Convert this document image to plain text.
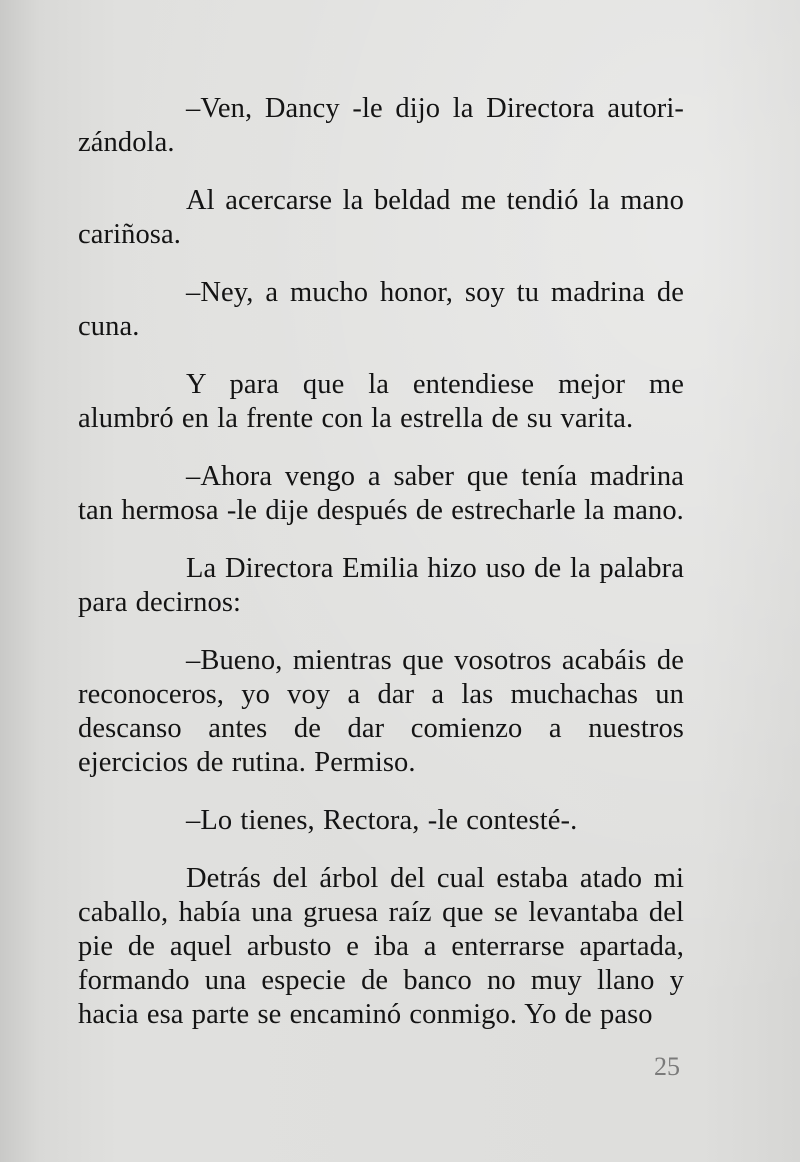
–Ven, Dancy -le dijo la Directora autori-zándola.

Al acercarse la beldad me tendió la mano cariñosa.

–Ney, a mucho honor, soy tu madrina de cuna.

Y para que la entendiese mejor me alumbró en la frente con la estrella de su varita.

–Ahora vengo a saber que tenía madrina tan hermosa -le dije después de estrecharle la mano.

La Directora Emilia hizo uso de la palabra para decirnos:

–Bueno, mientras que vosotros acabáis de reconoceros, yo voy a dar a las muchachas un descanso antes de dar comienzo a nuestros ejercicios de rutina. Permiso.

–Lo tienes, Rectora, -le contesté-.

Detrás del árbol del cual estaba atado mi caballo, había una gruesa raíz que se levantaba del pie de aquel arbusto e iba a enterrarse apartada, formando una especie de banco no muy llano y hacia esa parte se encaminó conmigo. Yo de paso

25
